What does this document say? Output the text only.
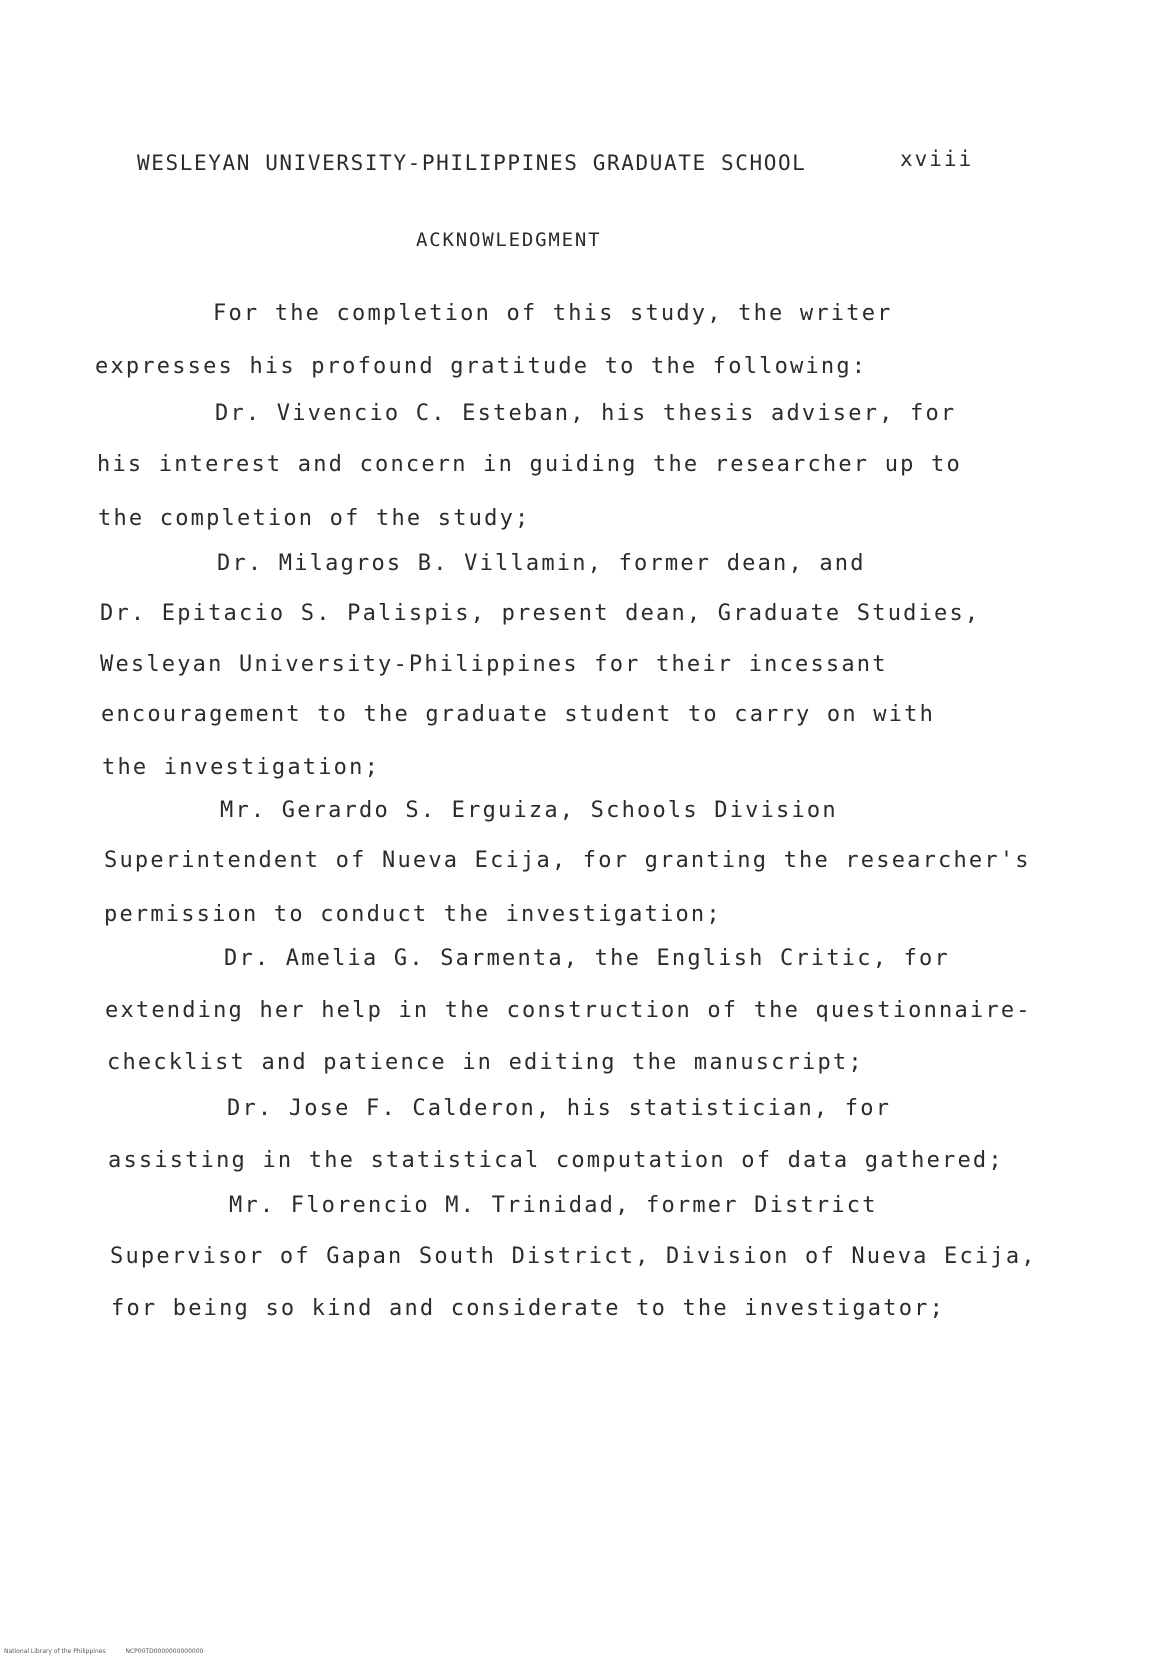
WESLEYAN UNIVERSITY-PHILIPPINES GRADUATE SCHOOL	xviii
ACKNOWLEDGMENT
For the completion of this study, the writer
expresses his profound gratitude to the following:
Dr. Vivencio C. Esteban, his thesis adviser, for
his interest and concern in guiding the researcher up to
the completion of the study;
Dr. Milagros B. Villamin, former dean, and
Dr. Epitacio S. Palispis, present dean, Graduate Studies,
Wesleyan University-Philippines for their incessant
encouragement to the graduate student to carry on with
the investigation;
Mr. Gerardo S. Erguiza, Schools Division
Superintendent of Nueva Ecija, for granting the researcher's
permission to conduct the investigation;
Dr. Amelia G. Sarmenta, the English Critic, for
extending her help in the construction of the questionnaire-
checklist and patience in editing the manuscript;
Dr. Jose F. Calderon, his statistician, for
assisting in the statistical computation of data gathered;
Mr. Florencio M. Trinidad, former District
Supervisor of Gapan South District, Division of Nueva Ecija,
for being so kind and considerate to the investigator;
National Library of the Philippines	NCP00TD0000000000000
